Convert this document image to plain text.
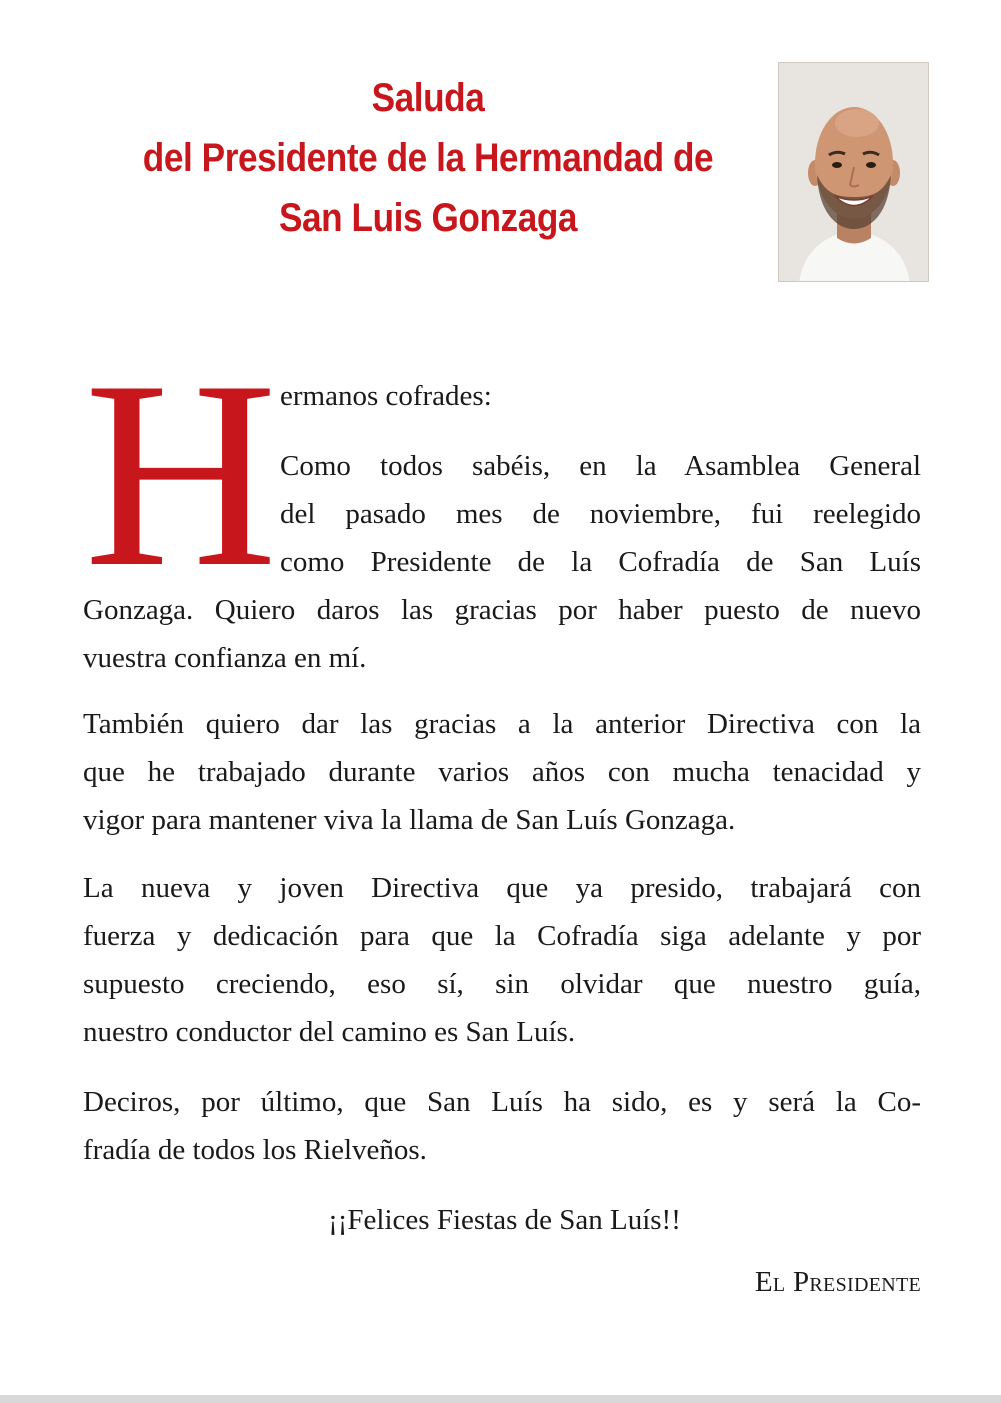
Saluda
del Presidente de la Hermandad de
San Luis Gonzaga
H ermanos cofrades:
Como todos sabéis, en la Asamblea General
del pasado mes de noviembre, fui reelegido
como Presidente de la Cofradía de San Luís
Gonzaga. Quiero daros las gracias por haber puesto de nuevo
vuestra confianza en mí.
También quiero dar las gracias a la anterior Directiva con la
que he trabajado durante varios años con mucha tenacidad y
vigor para mantener viva la llama de San Luís Gonzaga.
La nueva y joven Directiva que ya presido, trabajará con
fuerza y dedicación para que la Cofradía siga adelante y por
supuesto creciendo, eso sí, sin olvidar que nuestro guía,
nuestro conductor del camino es San Luís.
Deciros, por último, que San Luís ha sido, es y será la Co-
fradía de todos los Rielveños.
¡¡Felices Fiestas de San Luís!!
El Presidente
